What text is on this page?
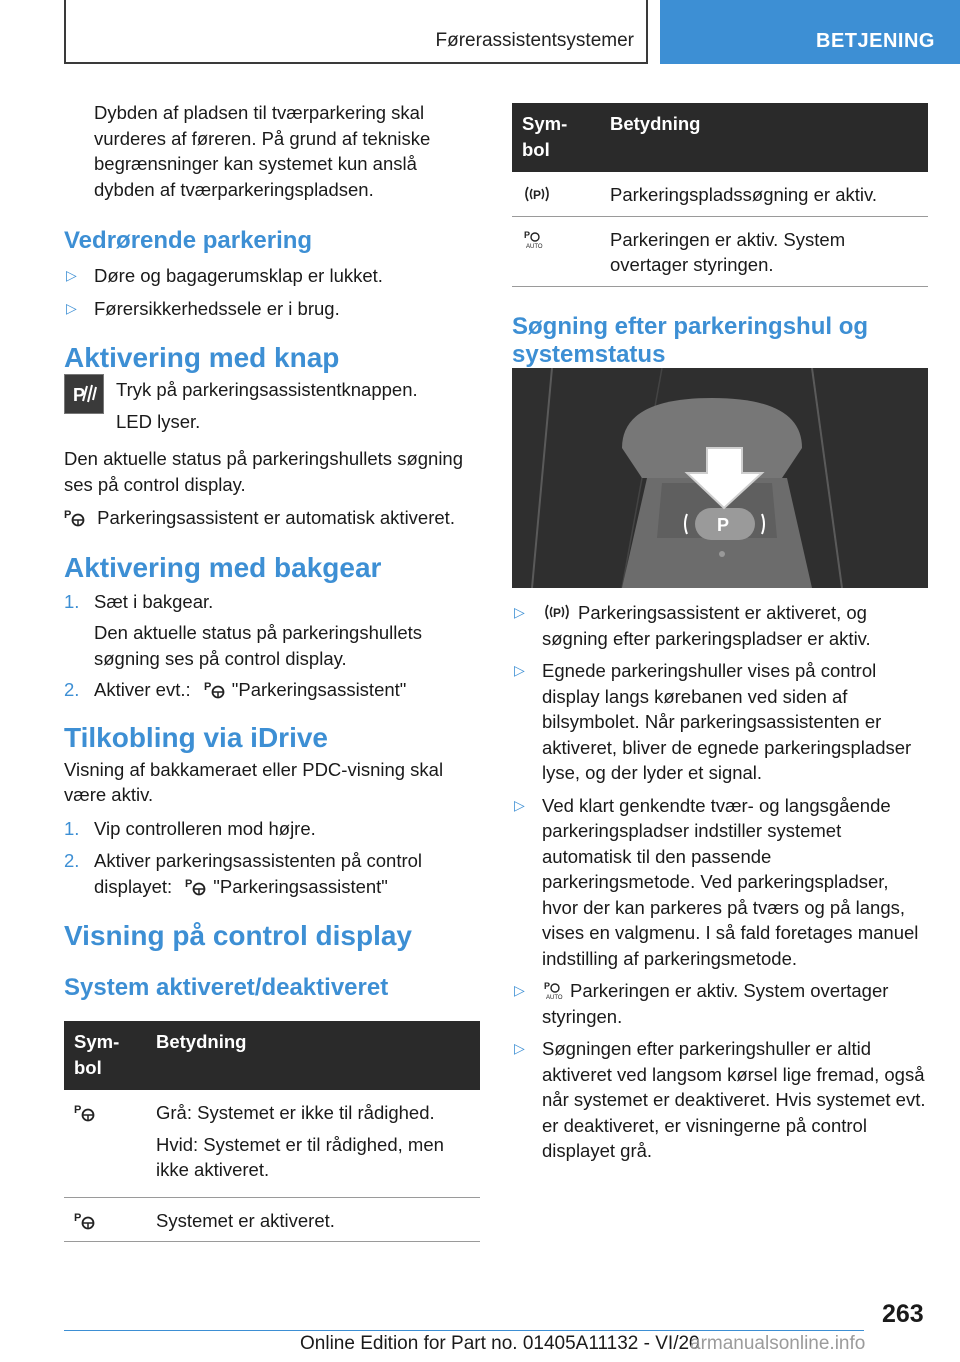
Førerassistentsystemer	BETJENING

Dybden af pladsen til tværparkering skal vurderes af føreren. På grund af tekniske begrænsninger kan systemet kun anslå dybden af tværparkeringspladsen.

Vedrørende parkering

▷ Døre og bagagerumsklap er lukket.

▷ Førersikkerhedssele er i brug.

Aktivering med knap

P Tryk på parkeringsassistentknappen.

LED lyser.

Den aktuelle status på parkeringshullets søgning ses på control display.

P Parkeringsassistent er automatisk aktiveret.

Aktivering med bakgear

1. Sæt i bakgear.

Den aktuelle status på parkeringshullets søgning ses på control display.

2. Aktiver evt.: P "Parkeringsassistent"

Tilkobling via iDrive

Visning af bakkameraet eller PDC-visning skal være aktiv.

1. Vip controlleren mod højre.

2. Aktiver parkeringsassistenten på control displayet: P "Parkeringsassistent"

Visning på control display

System aktiveret/deaktiveret

Sym-bol	Betydning

P	Grå: Systemet er ikke til rådighed.

Hvid: Systemet er til rådighed, men ikke aktiveret.

P	Systemet er aktiveret.
Sym-bol	Betydning

P	Parkeringspladssøgning er aktiv.

P
AUTO	Parkeringen er aktiv. System overtager styringen.

Søgning efter parkeringshul og systemstatus

P

▷ P Parkeringsassistent er aktiveret, og søgning efter parkeringspladser er aktiv.

▷ Egnede parkeringshuller vises på control display langs kørebanen ved siden af bilsymbolet. Når parkeringsassistenten er aktiveret, bliver de egnede parkeringspladser lyse, og der lyder et signal.

▷ Ved klart genkendte tvær- og langsgående parkeringspladser indstiller systemet automatisk til den passende parkeringsmetode. Ved parkeringspladser, hvor der kan parkeres på tværs og på langs, vises en valgmenu. I så fald foretages manuel indstilling af parkeringsmetode.

▷ P
AUTO Parkeringen er aktiv. System overtager styringen.

▷ Søgningen efter parkeringshuller er altid aktiveret ved langsom kørsel lige fremad, også når systemet er deaktiveret. Hvis systemet evt. er deaktiveret, er visningerne på control displayet grå.

263
Online Edition for Part no. 01405A11132 - VI/20
armanualsonline.info
